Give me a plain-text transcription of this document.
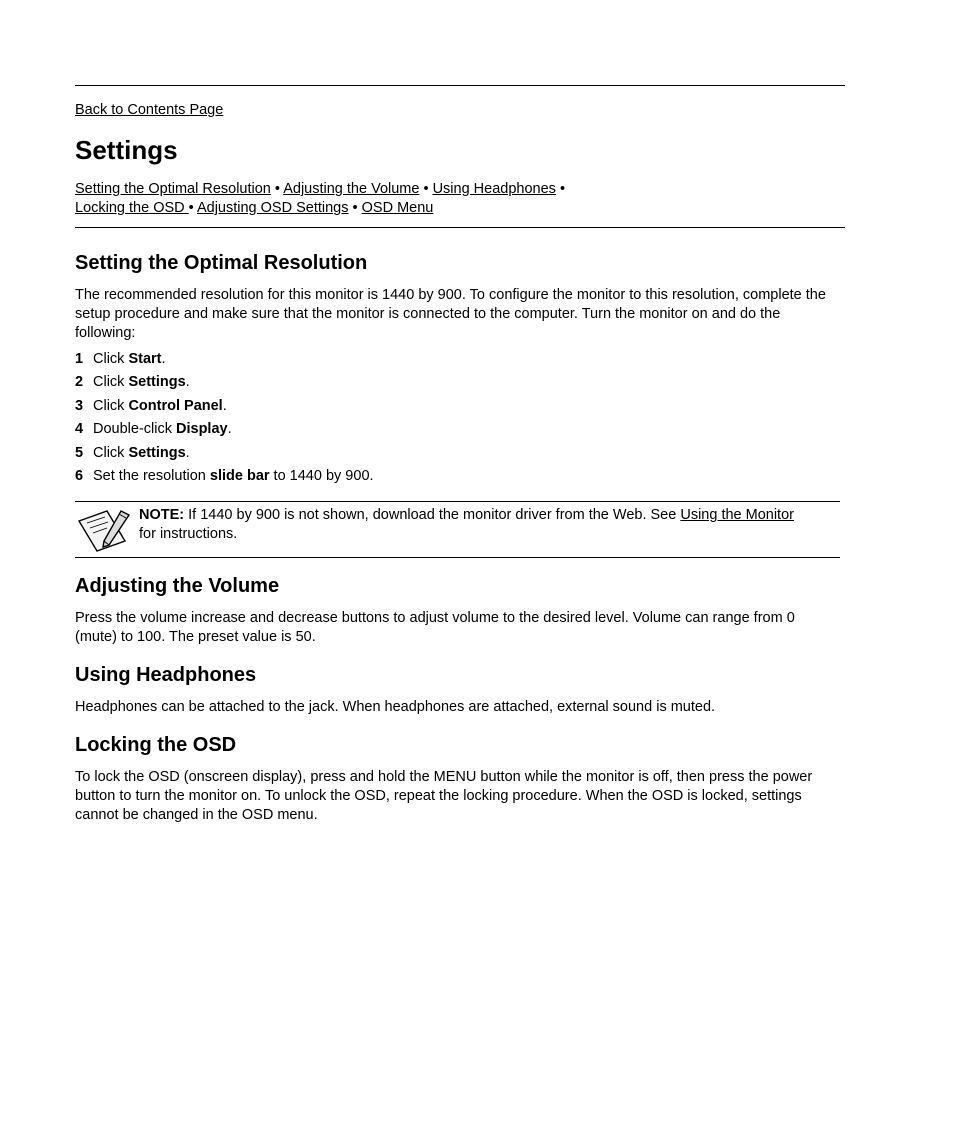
Back to Contents Page
Settings
Setting the Optimal Resolution • Adjusting the Volume • Using Headphones •
Locking the OSD • Adjusting OSD Settings • OSD Menu
Setting the Optimal Resolution

The recommended resolution for this monitor is 1440 by 900. To configure the monitor to this resolution, complete the setup procedure and make sure that the monitor is connected to the computer. Turn the monitor on and do the following:

1 Click Start.
2 Click Settings.
3 Click Control Panel.
4 Double-click Display.
5 Click Settings.
6 Set the resolution slide bar to 1440 by 900.
NOTE: If 1440 by 900 is not shown, download the monitor driver from the Web. See Using the Monitor for instructions.
Adjusting the Volume

Press the volume increase and decrease buttons to adjust volume to the desired level. Volume can range from 0 (mute) to 100. The preset value is 50.

Using Headphones

Headphones can be attached to the jack. When headphones are attached, external sound is muted.

Locking the OSD

To lock the OSD (onscreen display), press and hold the MENU button while the monitor is off, then press the power button to turn the monitor on. To unlock the OSD, repeat the locking procedure. When the OSD is locked, settings cannot be changed in the OSD menu.
